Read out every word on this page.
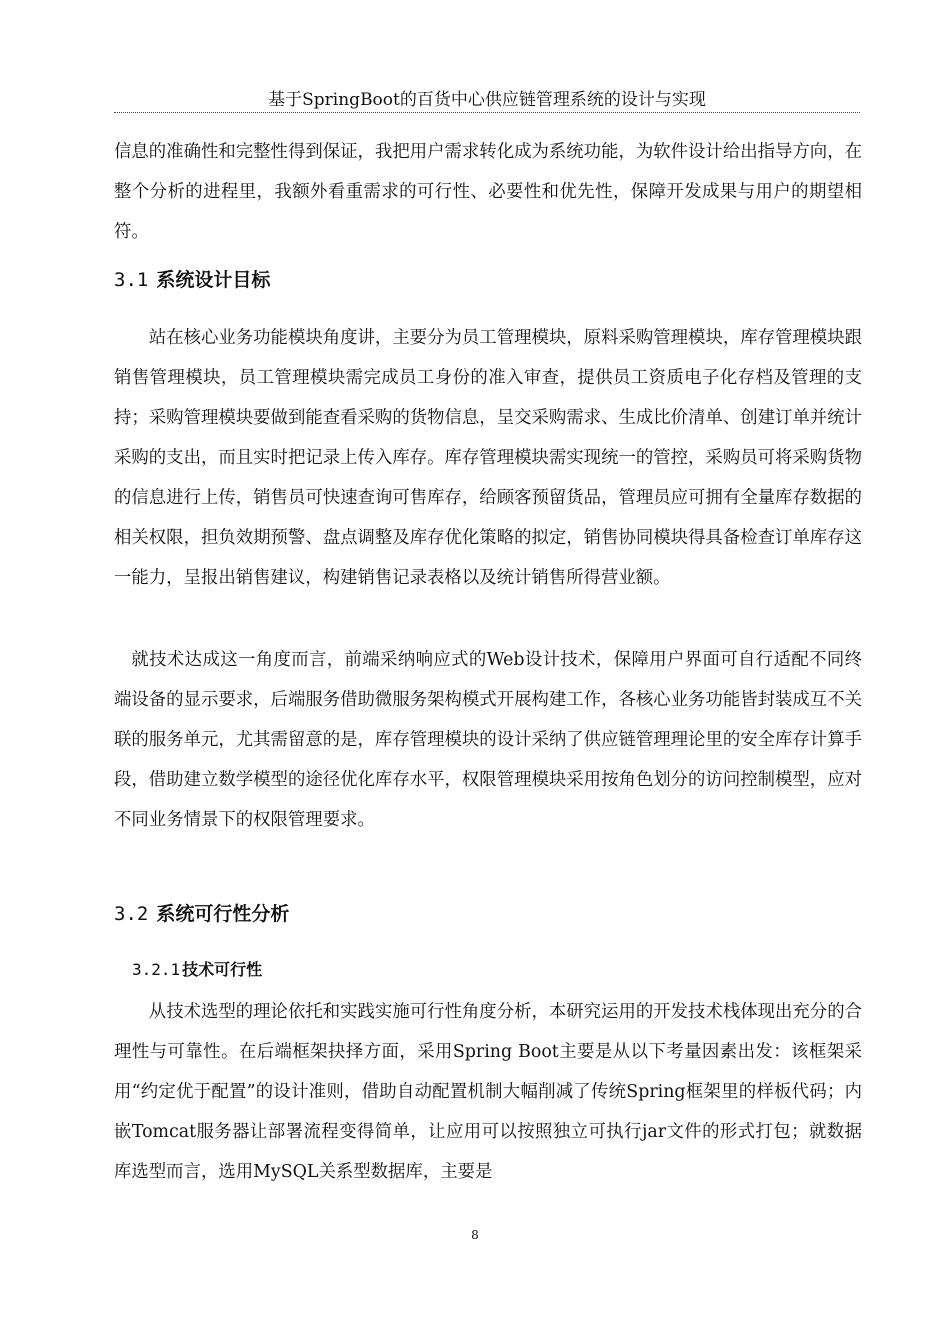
基于SpringBoot的百货中心供应链管理系统的设计与实现

信息的准确性和完整性得到保证，我把用户需求转化成为系统功能，为软件设计给出指导方向，在整个分析的进程里，我额外看重需求的可行性、必要性和优先性，保障开发成果与用户的期望相符。

3.1 系统设计目标

站在核心业务功能模块角度讲，主要分为员工管理模块，原料采购管理模块，库存管理模块跟销售管理模块，员工管理模块需完成员工身份的准入审查，提供员工资质电子化存档及管理的支持；采购管理模块要做到能查看采购的货物信息，呈交采购需求、生成比价清单、创建订单并统计采购的支出，而且实时把记录上传入库存。库存管理模块需实现统一的管控，采购员可将采购货物的信息进行上传，销售员可快速查询可售库存，给顾客预留货品，管理员应可拥有全量库存数据的相关权限，担负效期预警、盘点调整及库存优化策略的拟定，销售协同模块得具备检查订单库存这一能力，呈报出销售建议，构建销售记录表格以及统计销售所得营业额。

就技术达成这一角度而言，前端采纳响应式的Web设计技术，保障用户界面可自行适配不同终端设备的显示要求，后端服务借助微服务架构模式开展构建工作，各核心业务功能皆封装成互不关联的服务单元，尤其需留意的是，库存管理模块的设计采纳了供应链管理理论里的安全库存计算手段，借助建立数学模型的途径优化库存水平，权限管理模块采用按角色划分的访问控制模型，应对不同业务情景下的权限管理要求。

3.2 系统可行性分析
3.2.1 技术可行性

从技术选型的理论依托和实践实施可行性角度分析，本研究运用的开发技术栈体现出充分的合理性与可靠性。在后端框架抉择方面，采用Spring Boot主要是从以下考量因素出发：该框架采用“约定优于配置”的设计准则，借助自动配置机制大幅削减了传统Spring框架里的样板代码；内嵌Tomcat服务器让部署流程变得简单，让应用可以按照独立可执行jar文件的形式打包；就数据库选型而言，选用MySQL关系型数据库，主要是

8
